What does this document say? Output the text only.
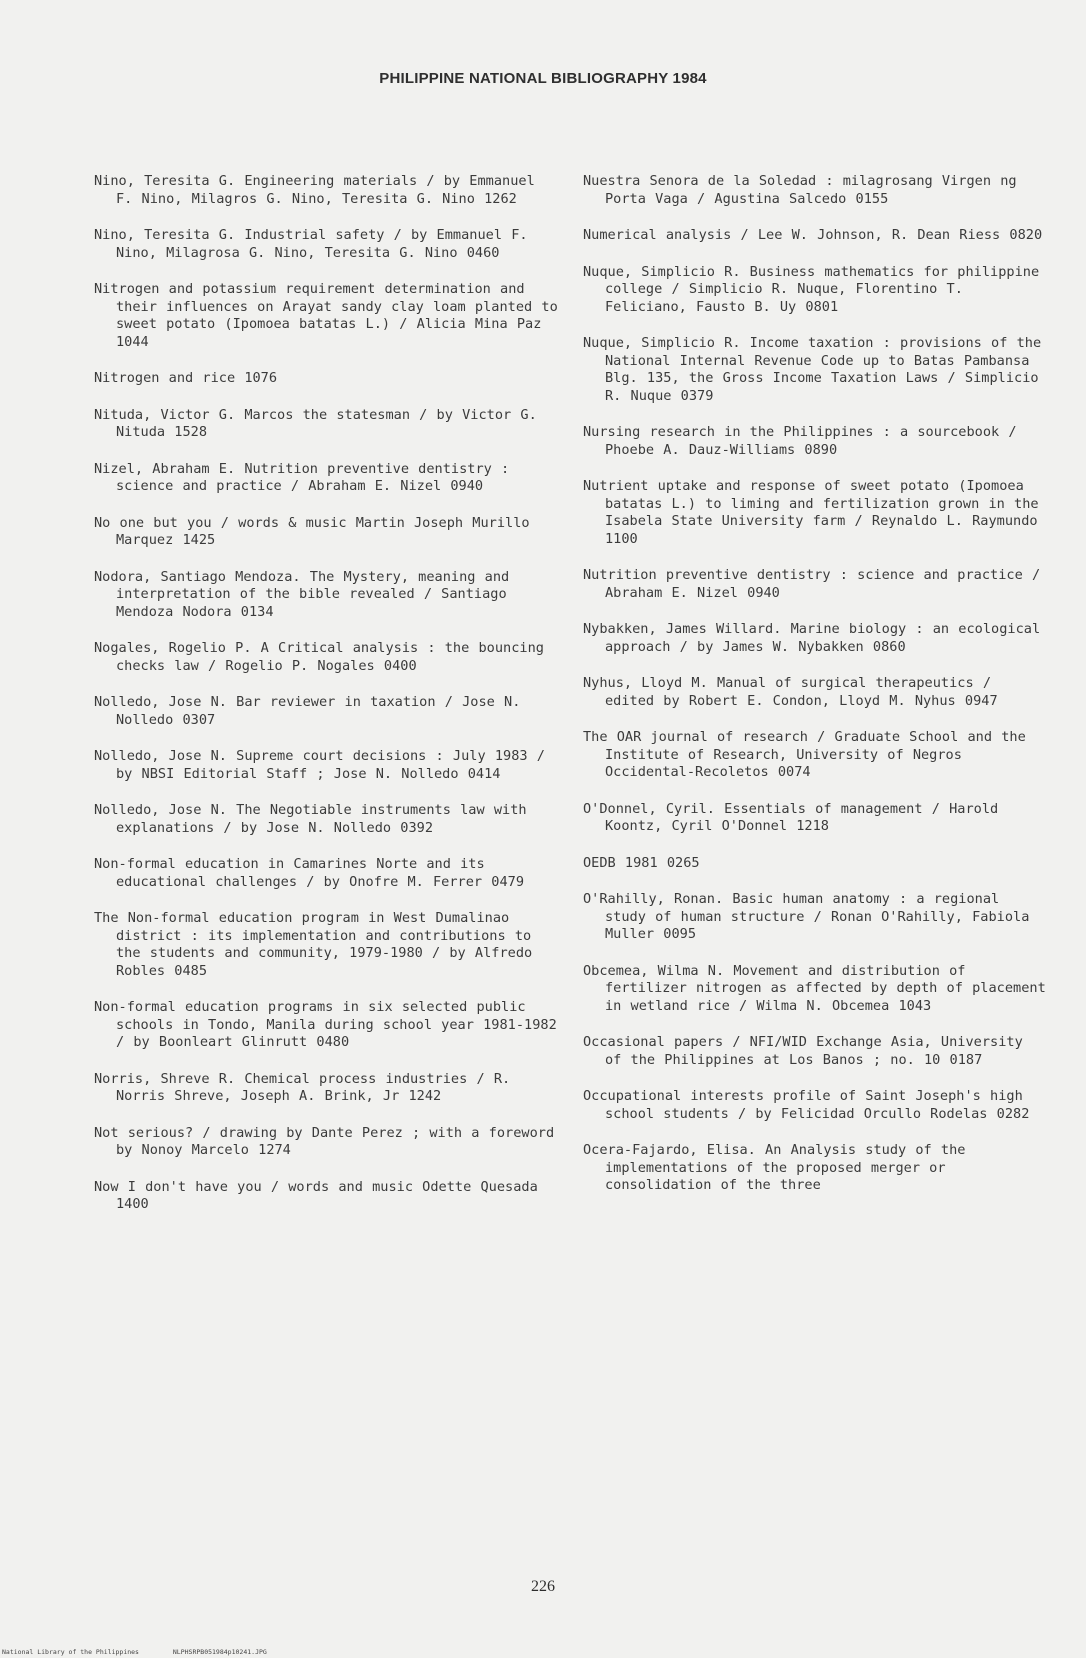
PHILIPPINE NATIONAL BIBLIOGRAPHY 1984

Nino, Teresita G. Engineering materials / by Emmanuel F. Nino, Milagros G. Nino, Teresita G. Nino 1262

Nino, Teresita G. Industrial safety / by Emmanuel F. Nino, Milagrosa G. Nino, Teresita G. Nino 0460

Nitrogen and potassium requirement determination and their influences on Arayat sandy clay loam planted to sweet potato (Ipomoea batatas L.) / Alicia Mina Paz 1044

Nitrogen and rice 1076

Nituda, Victor G. Marcos the statesman / by Victor G. Nituda 1528

Nizel, Abraham E. Nutrition preventive dentistry : science and practice / Abraham E. Nizel 0940

No one but you / words & music Martin Joseph Murillo Marquez 1425

Nodora, Santiago Mendoza. The Mystery, meaning and interpretation of the bible revealed / Santiago Mendoza Nodora 0134

Nogales, Rogelio P. A Critical analysis : the bouncing checks law / Rogelio P. Nogales 0400

Nolledo, Jose N. Bar reviewer in taxation / Jose N. Nolledo 0307

Nolledo, Jose N. Supreme court decisions : July 1983 / by NBSI Editorial Staff ; Jose N. Nolledo 0414

Nolledo, Jose N. The Negotiable instruments law with explanations / by Jose N. Nolledo 0392

Non-formal education in Camarines Norte and its educational challenges / by Onofre M. Ferrer 0479

The Non-formal education program in West Dumalinao district : its implementation and contributions to the students and community, 1979-1980 / by Alfredo Robles 0485

Non-formal education programs in six selected public schools in Tondo, Manila during school year 1981-1982 / by Boonleart Glinrutt 0480

Norris, Shreve R. Chemical process industries / R. Norris Shreve, Joseph A. Brink, Jr 1242

Not serious? / drawing by Dante Perez ; with a foreword by Nonoy Marcelo 1274

Now I don't have you / words and music Odette Quesada 1400

Nuestra Senora de la Soledad : milagrosang Virgen ng Porta Vaga / Agustina Salcedo 0155

Numerical analysis / Lee W. Johnson, R. Dean Riess 0820

Nuque, Simplicio R. Business mathematics for philippine college / Simplicio R. Nuque, Florentino T. Feliciano, Fausto B. Uy 0801

Nuque, Simplicio R. Income taxation : provisions of the National Internal Revenue Code up to Batas Pambansa Blg. 135, the Gross Income Taxation Laws / Simplicio R. Nuque 0379

Nursing research in the Philippines : a sourcebook / Phoebe A. Dauz-Williams 0890

Nutrient uptake and response of sweet potato (Ipomoea batatas L.) to liming and fertilization grown in the Isabela State University farm / Reynaldo L. Raymundo 1100

Nutrition preventive dentistry : science and practice / Abraham E. Nizel 0940

Nybakken, James Willard. Marine biology : an ecological approach / by James W. Nybakken 0860

Nyhus, Lloyd M. Manual of surgical therapeutics / edited by Robert E. Condon, Lloyd M. Nyhus 0947

The OAR journal of research / Graduate School and the Institute of Research, University of Negros Occidental-Recoletos 0074

O'Donnel, Cyril. Essentials of management / Harold Koontz, Cyril O'Donnel 1218

OEDB 1981 0265

O'Rahilly, Ronan. Basic human anatomy : a regional study of human structure / Ronan O'Rahilly, Fabiola Muller 0095

Obcemea, Wilma N. Movement and distribution of fertilizer nitrogen as affected by depth of placement in wetland rice / Wilma N. Obcemea 1043

Occasional papers / NFI/WID Exchange Asia, University of the Philippines at Los Banos ; no. 10 0187

Occupational interests profile of Saint Joseph's high school students / by Felicidad Orcullo Rodelas 0282

Ocera-Fajardo, Elisa. An Analysis study of the implementations of the proposed merger or consolidation of the three

226
National Library of the Philippines	NLPHSRPB051984p10241.JPG
